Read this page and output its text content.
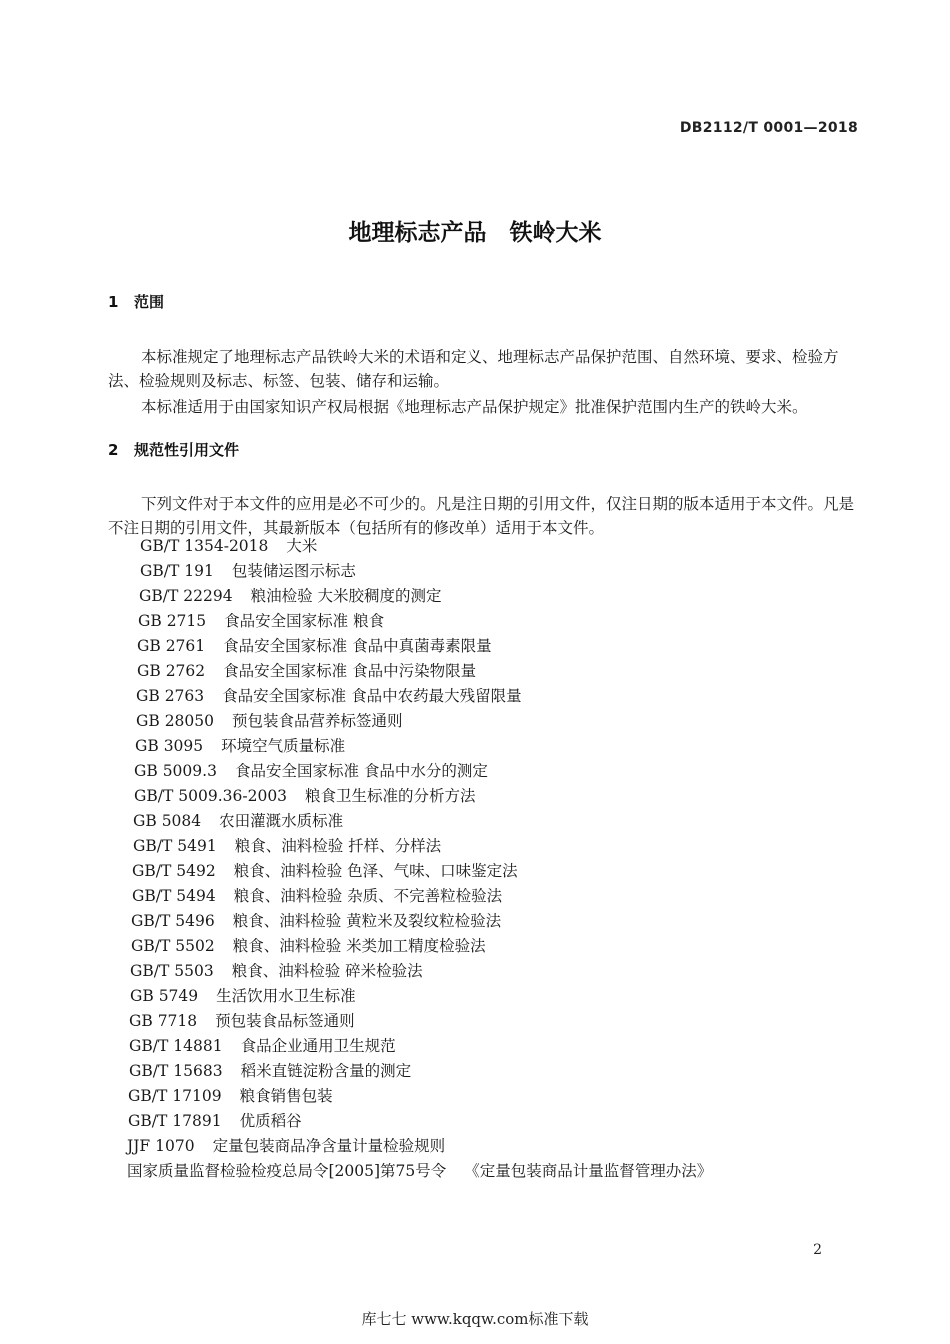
DB2112/T 0001—2018
地理标志产品　铁岭大米
1 范围

本标准规定了地理标志产品铁岭大米的术语和定义、地理标志产品保护范围、自然环境、要求、检验方法、检验规则及标志、标签、包装、储存和运输。

本标准适用于由国家知识产权局根据《地理标志产品保护规定》批准保护范围内生产的铁岭大米。

2 规范性引用文件

下列文件对于本文件的应用是必不可少的。凡是注日期的引用文件，仅注日期的版本适用于本文件。凡是不注日期的引用文件，其最新版本（包括所有的修改单）适用于本文件。

GB/T 1354-2018 大米
GB/T 191 包装储运图示标志
GB/T 22294 粮油检验 大米胶稠度的测定
GB 2715 食品安全国家标准 粮食
GB 2761 食品安全国家标准 食品中真菌毒素限量
GB 2762 食品安全国家标准 食品中污染物限量
GB 2763 食品安全国家标准 食品中农药最大残留限量
GB 28050 预包装食品营养标签通则
GB 3095 环境空气质量标准
GB 5009.3 食品安全国家标准 食品中水分的测定
GB/T 5009.36-2003 粮食卫生标准的分析方法
GB 5084 农田灌溉水质标准
GB/T 5491 粮食、油料检验 扦样、分样法
GB/T 5492 粮食、油料检验 色泽、气味、口味鉴定法
GB/T 5494 粮食、油料检验 杂质、不完善粒检验法
GB/T 5496 粮食、油料检验 黄粒米及裂纹粒检验法
GB/T 5502 粮食、油料检验 米类加工精度检验法
GB/T 5503 粮食、油料检验 碎米检验法
GB 5749 生活饮用水卫生标准
GB 7718 预包装食品标签通则
GB/T 14881 食品企业通用卫生规范
GB/T 15683 稻米直链淀粉含量的测定
GB/T 17109 粮食销售包装
GB/T 17891 优质稻谷
JJF 1070 定量包装商品净含量计量检验规则
国家质量监督检验检疫总局令[2005]第75号令 《定量包装商品计量监督管理办法》
2
库七七 www.kqqw.com标准下载
